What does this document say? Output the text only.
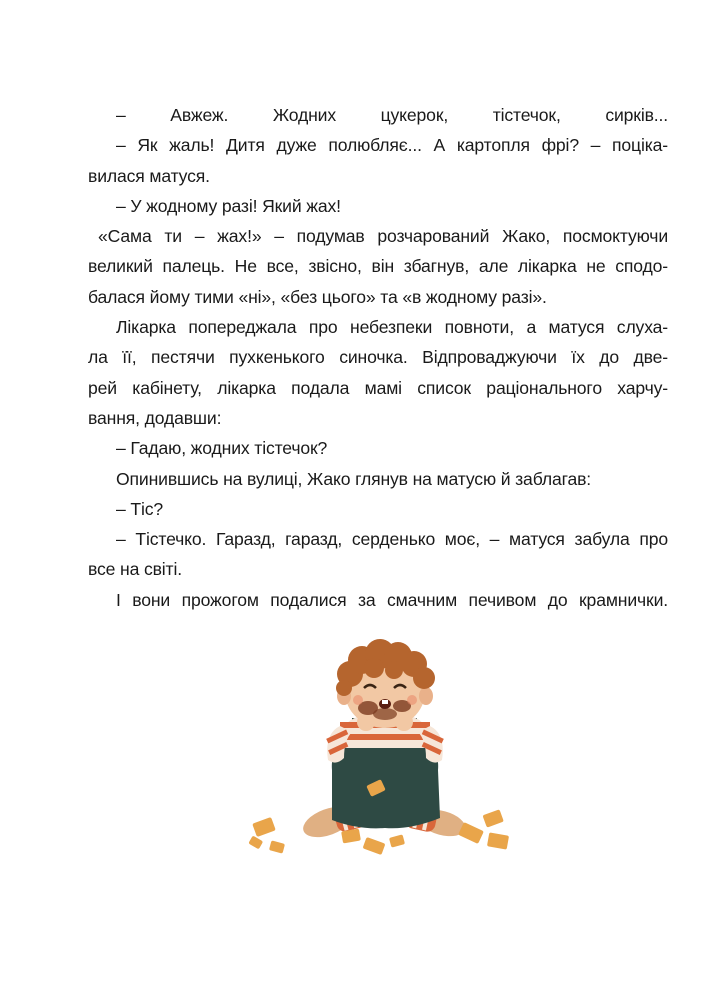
– Авжеж. Жодних цукерок, тістечок, сирків...
– Як жаль! Дитя дуже полюбляє... А картопля фрі? – поціка-
вилася матуся.
– У жодному разі! Який жах!
«Сама ти – жах!» – подумав розчарований Жако, посмоктуючи
великий палець. Не все, звісно, він збагнув, але лікарка не сподо-
балася йому тими «ні», «без цього» та «в жодному разі».
Лікарка попереджала про небезпеки повноти, а матуся слуха-
ла її, пестячи пухкенького синочка. Відпроваджуючи їх до две-
рей кабінету, лікарка подала мамі список раціонального харчу-
вання, додавши:
– Гадаю, жодних тістечок?
Опинившись на вулиці, Жако глянув на матусю й заблагав:
– Тіс?
– Тістечко. Гаразд, гаразд, серденько моє, – матуся забула про
все на світі.
І вони прожогом подалися за смачним печивом до крамнички.
